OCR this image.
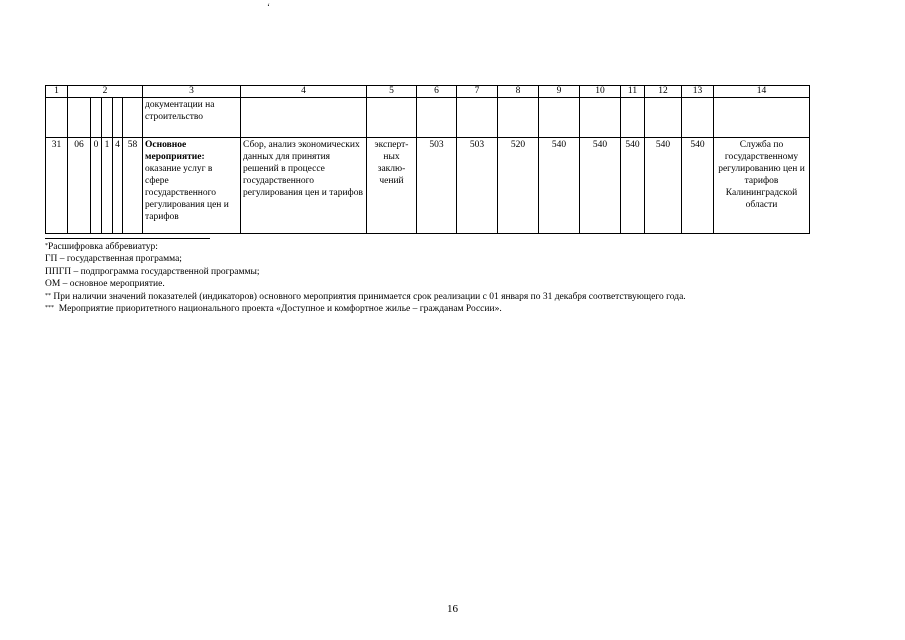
ʻ
1	2					3	4	5	6	7	8	9	10	11	12	13	14
						документации на строительство											
31	06	0	1	4	58	Основное мероприятие: оказание услуг в сфере государственного регулирования цен и тарифов	Сбор, анализ экономических данных для принятия решений в процессе государственного регулирования цен и тарифов	эксперт-ных заклю-чений	503	503	520	540	540	540	540	540	Служба по государственному регулированию цен и тарифов Калининградской области

*Расшифровка аббревиатур:

ГП – государственная программа;

ППГП – подпрограмма государственной программы;

ОМ – основное мероприятие.

** При наличии значений показателей (индикаторов) основного мероприятия принимается срок реализации с 01 января по 31 декабря соответствующего года.

*** Мероприятие приоритетного национального проекта «Доступное и комфортное жилье – гражданам России».

16
